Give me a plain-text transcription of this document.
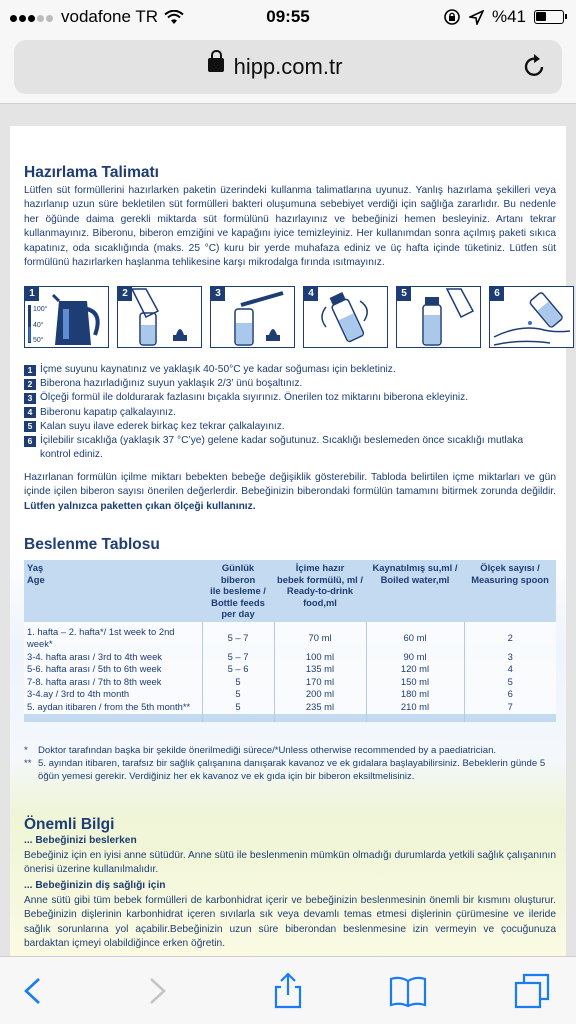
vodafone TR	09:55	%41
hipp.com.tr
Hazırlama Talimatı
Lütfen süt formüllerini hazırlarken paketin üzerindeki kullanma talimatlarına uyunuz. Yanlış hazırlama şekilleri veya hazırlanıp uzun süre bekletilen süt formülleri bakteri oluşumuna sebebiyet verdiği için sağlığa zararlıdır. Bu nedenle her öğünde daima gerekli miktarda süt formülünü hazırlayınız ve bebeğinizi hemen besleyiniz. Artanı tekrar kullanmayınız. Biberonu, biberon emziğini ve kapağını iyice temizleyiniz. Her kullanımdan sonra açılmış paketi sıkıca kapatınız, oda sıcaklığında (maks. 25 °C) kuru bir yerde muhafaza ediniz ve üç hafta içinde tüketiniz. Lütfen süt formülünü hazırlarken haşlanma tehlikesine karşı mikrodalga fırında ısıtmayınız.
1
100°
40°
50°
2	3	4	5	6
1 İçme suyunu kaynatınız ve yaklaşık 40-50°C ye kadar soğuması için bekletiniz.
2 Biberona hazırladığınız suyun yaklaşık 2/3’ ünü boşaltınız.
3 Ölçeği formül ile doldurarak fazlasını bıçakla sıyırınız. Önerilen toz miktarını biberona ekleyiniz.
4 Biberonu kapatıp çalkalayınız.
5 Kalan suyu ilave ederek birkaç kez tekrar çalkalayınız.
6 İçilebilir sıcaklığa (yaklaşık 37 °C’ye) gelene kadar soğutunuz. Sıcaklığı beslemeden önce sıcaklığı mutlaka kontrol ediniz.
Hazırlanan formülün içilme miktarı bebekten bebeğe değişiklik gösterebilir. Tabloda belirtilen içme miktarları ve gün içinde içilen biberon sayısı önerilen değerlerdir. Bebeğinizin biberondaki formülün tamamını bitirmek zorunda değildir. Lütfen yalnızca paketten çıkan ölçeği kullanınız.
Beslenme Tablosu
Yaş
Age	Günlük biberon
ile besleme /
Bottle feeds
per day	İçime hazır
bebek formülü, ml /
Ready-to-drink
food,ml	Kaynatılmış su,ml /
Boiled water,ml	Ölçek sayısı /
Measuring spoon
1. hafta – 2. hafta*/ 1st week to 2nd week*	5 – 7	70 ml	60 ml	2
3-4. hafta arası / 3rd to 4th week	5 – 7	100 ml	90 ml	3
5-6. hafta arası / 5th to 6th week	5 – 6	135 ml	120 ml	4
7-8. hafta arası / 7th to 8th week	5	170 ml	150 ml	5
3-4.ay / 3rd to 4th month	5	200 ml	180 ml	6
5. aydan itibaren / from the 5th month**	5	235 ml	210 ml	7

*	Doktor tarafından başka bir şekilde önerilmediği sürece/*Unless otherwise recommended by a paediatrician.
** 5. ayından itibaren, tarafsız bir sağlık çalışanına danışarak kavanoz ve ek gıdalara başlayabilirsiniz. Bebeklerin günde 5 öğün yemesi gerekir. Verdiğiniz her ek kavanoz ve ek gıda için bir biberon eksiltmelisiniz.
Önemli Bilgi
... Bebeğinizi beslerken
Bebeğiniz için en iyisi anne sütüdür. Anne sütü ile beslenmenin mümkün olmadığı durumlarda yetkili sağlık çalışanının önerisi üzerine kullanılmalıdır.
... Bebeğinizin diş sağlığı için
Anne sütü gibi tüm bebek formülleri de karbonhidrat içerir ve bebeğinizin beslenmesinin önemli bir kısmını oluşturur. Bebeğinizin dişlerinin karbonhidrat içeren sıvılarla sık veya devamlı temas etmesi dişlerinin çürümesine ve ileride sağlık sorunlarına yol açabilir.Bebeğinizin uzun süre biberondan beslenmesine izin vermeyin ve çocuğunuza bardaktan içmeyi olabildiğince erken öğretin.
